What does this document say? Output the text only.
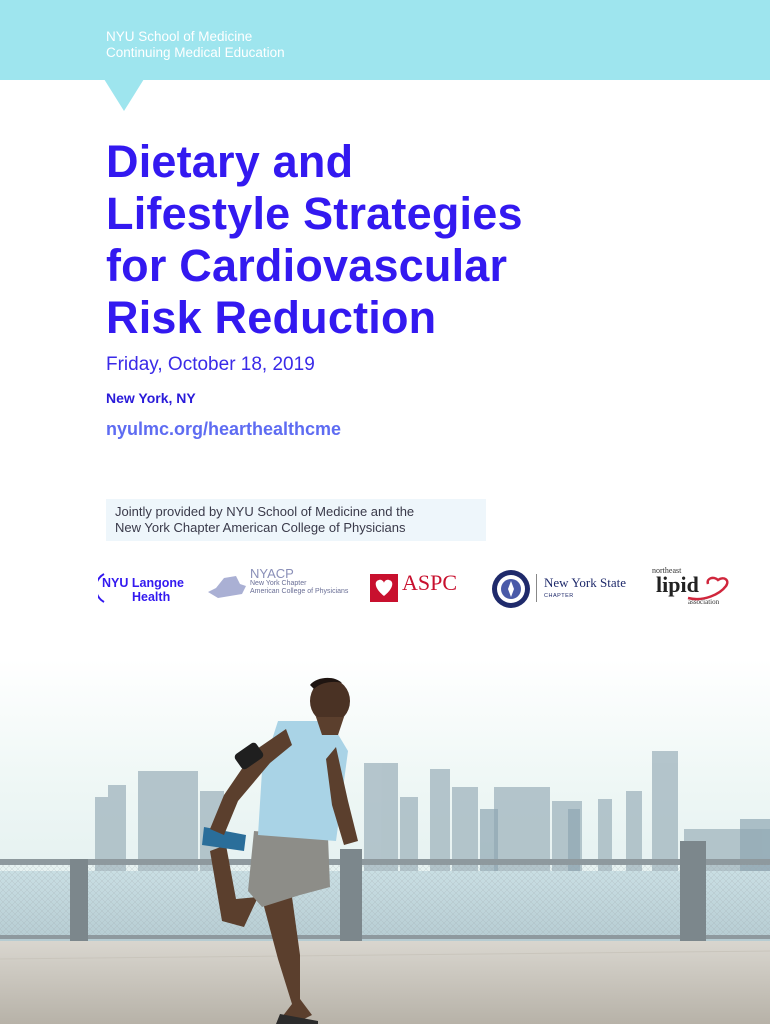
NYU School of Medicine
Continuing Medical Education
Dietary and
Lifestyle Strategies
for Cardiovascular
Risk Reduction
Friday, October 18, 2019
New York, NY
nyulmc.org/hearthealthcme
Jointly provided by NYU School of Medicine and the
New York Chapter American College of Physicians
NYU Langone
Health
NYACP
New York Chapter
American College of Physicians ASPC	New York State
CHAPTER
northeast
lipid
association
